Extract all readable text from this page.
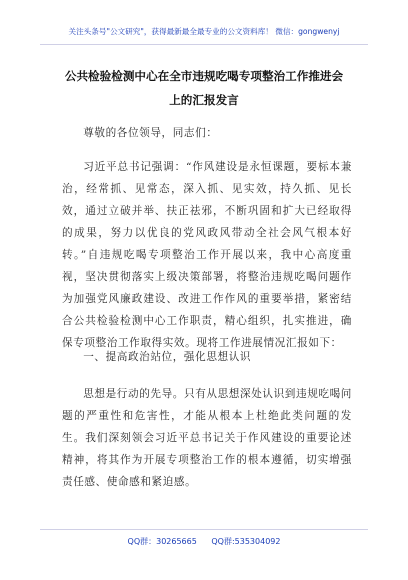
关注头条号"公文研究"，获得最新最全最专业的公文资料库！ 微信：gongwenyj
公共检验检测中心在全市违规吃喝专项整治工作推进会上的汇报发言

尊敬的各位领导，同志们：

习近平总书记强调：“作风建设是永恒课题，要标本兼治，经常抓、见常态，深入抓、见实效，持久抓、见长效，通过立破并举、扶正祛邪，不断巩固和扩大已经取得的成果，努力以优良的党风政风带动全社会风气根本好转。”自违规吃喝专项整治工作开展以来，我中心高度重视，坚决贯彻落实上级决策部署，将整治违规吃喝问题作为加强党风廉政建设、改进工作作风的重要举措，紧密结合公共检验检测中心工作职责，精心组织，扎实推进，确保专项整治工作取得实效。现将工作进展情况汇报如下：

一、提高政治站位，强化思想认识

思想是行动的先导。只有从思想深处认识到违规吃喝问题的严重性和危害性，才能从根本上杜绝此类问题的发生。我们深刻领会习近平总书记关于作风建设的重要论述精神，将其作为开展专项整治工作的根本遵循，切实增强责任感、使命感和紧迫感。

QQ群：30265665 QQ群:535304092
